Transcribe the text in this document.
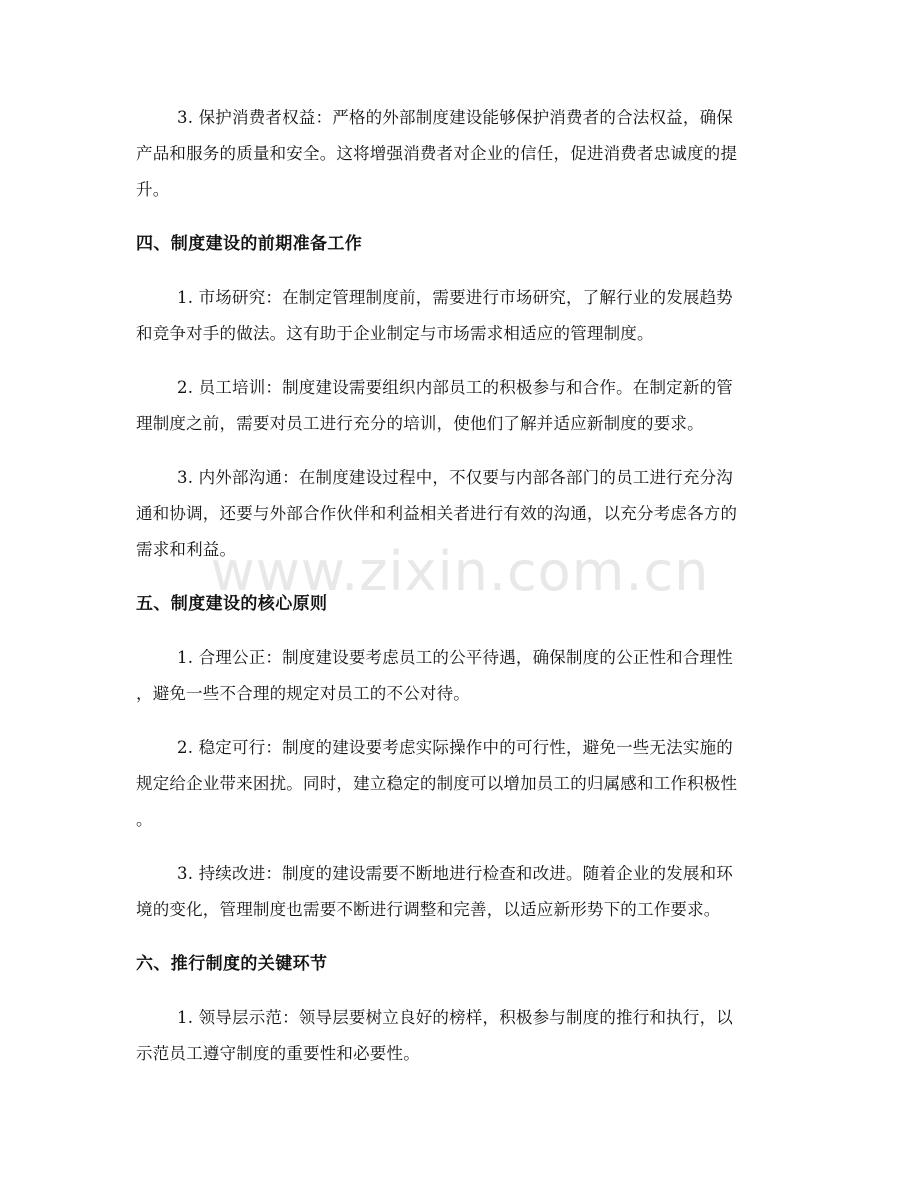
www.zixin.com.cn
3. 保护消费者权益：严格的外部制度建设能够保护消费者的合法权益，确保
产品和服务的质量和安全。这将增强消费者对企业的信任，促进消费者忠诚度的提
升。
四、制度建设的前期准备工作
1. 市场研究：在制定管理制度前，需要进行市场研究，了解行业的发展趋势
和竞争对手的做法。这有助于企业制定与市场需求相适应的管理制度。
2. 员工培训：制度建设需要组织内部员工的积极参与和合作。在制定新的管
理制度之前，需要对员工进行充分的培训，使他们了解并适应新制度的要求。
3. 内外部沟通：在制度建设过程中，不仅要与内部各部门的员工进行充分沟
通和协调，还要与外部合作伙伴和利益相关者进行有效的沟通，以充分考虑各方的
需求和利益。
五、制度建设的核心原则
1. 合理公正：制度建设要考虑员工的公平待遇，确保制度的公正性和合理性
，避免一些不合理的规定对员工的不公对待。
2. 稳定可行：制度的建设要考虑实际操作中的可行性，避免一些无法实施的
规定给企业带来困扰。同时，建立稳定的制度可以增加员工的归属感和工作积极性
。
3. 持续改进：制度的建设需要不断地进行检查和改进。随着企业的发展和环
境的变化，管理制度也需要不断进行调整和完善，以适应新形势下的工作要求。
六、推行制度的关键环节
1. 领导层示范：领导层要树立良好的榜样，积极参与制度的推行和执行，以
示范员工遵守制度的重要性和必要性。
